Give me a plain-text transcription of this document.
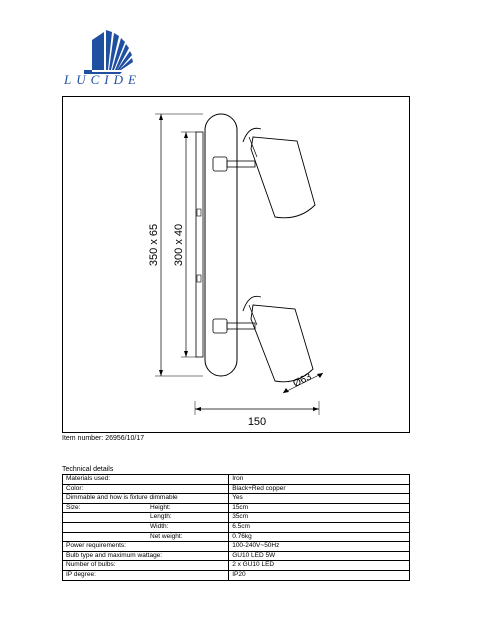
LUCIDE
350 x 65 300 x 40
Ø63
150
Item number: 26956/10/17
Technical details
Materials used:	Iron
Color:	Black+Red copper
Dimmable and how is fixture dimmable	Yes
Size: Height:	15cm
Length:	35cm
Width:	6.5cm
Net weight:	0.76kg
Power requirements:	100-240V~50Hz
Bulb type and maximum wattage:	GU10 LED 5W
Number of bulbs:	2 x GU10 LED
IP degree:	IP20
